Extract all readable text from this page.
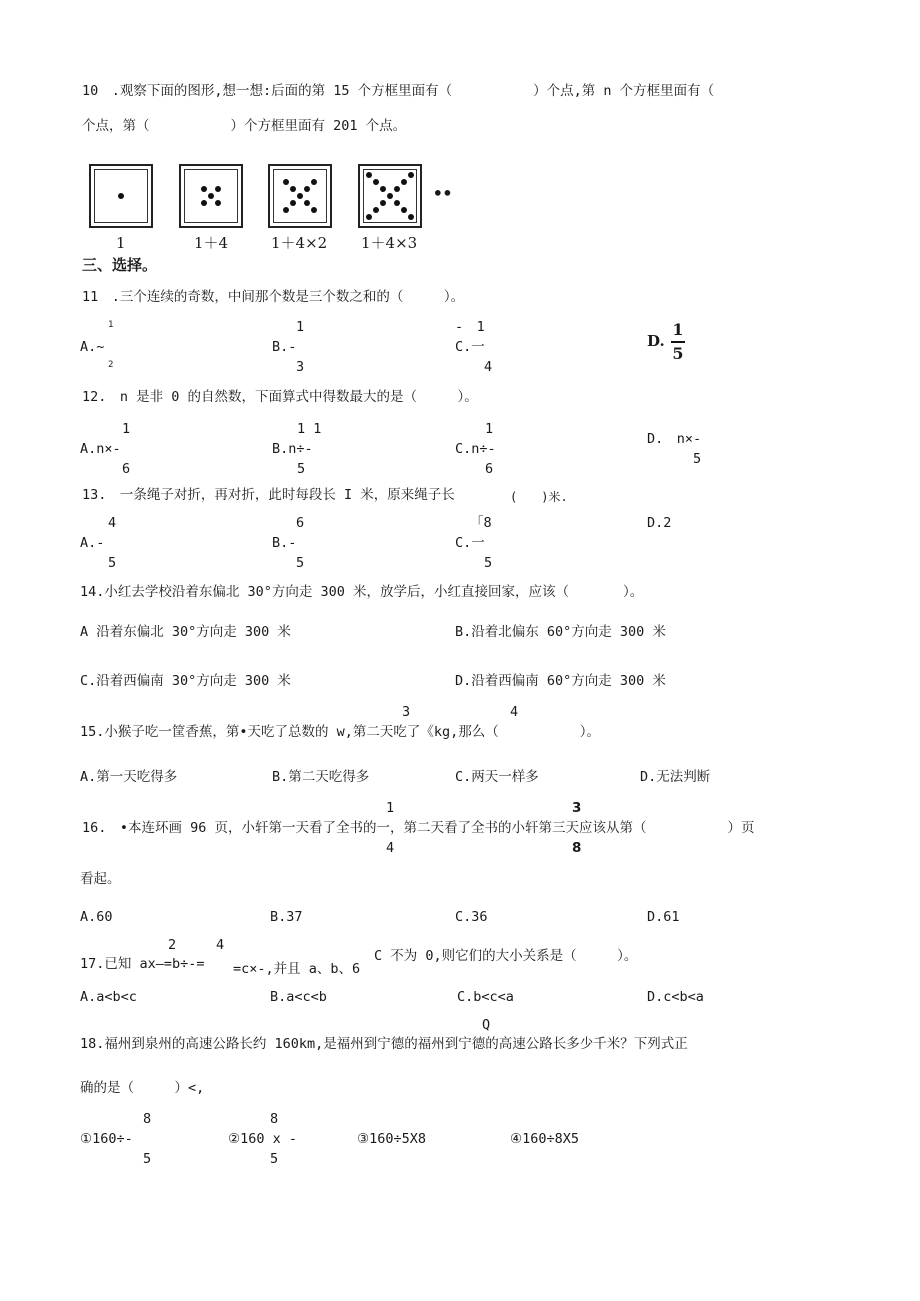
10　.观察下面的图形,想一想:后面的第 15 个方框里面有（　　　　　　）个点,第 n 个方框里面有（
个点，第（　　　　　　）个方框里面有 201 个点。
••
1	1＋4	1＋4×2 1＋4×3
三、选择。
11　.三个连续的奇数，中间那个数是三个数之和的（　　　）。
1
A.~
2
1
B.-
3
-　1
C.一
4
D.
1
5
12.　n 是非 0 的自然数，下面算式中得数最大的是（　　　）。
1
A.n×-
6
1 1
B.n÷-
5
1
C.n÷-
6
D.　n×-
5
13.　一条绳子对折，再对折，此时每段长 I 米，原来绳子长	(　　)米.
4
A.-
5
6
B.-
5
「8
C.一
5
D.2
14.小红去学校沿着东偏北 30°方向走 300 米，放学后，小红直接回家，应该（　　　　）。
A 沿着东偏北 30°方向走 300 米	B.沿着北偏东 60°方向走 300 米
C.沿着西偏南 30°方向走 300 米	D.沿着西偏南 60°方向走 300 米
3	4
15.小猴子吃一筐香蕉，第•天吃了总数的 w,第二天吃了《kg,那么（　　　　　　）。
A.第一天吃得多	B.第二天吃得多	C.两天一样多	D.无法判断
1	3
16.　•本连环画 96 页，小轩第一天看了全书的一，第二天看了全书的小轩第三天应该从第（　　　　　　）页
4	8
看起。
A.60	B.37	C.36	D.61
2	4
17.已知 ax—=b÷-= =c×-,并且 a、b、6
C 不为 0,则它们的大小关系是（　　　）。
A.a<b<c	B.a<c<b	C.b<c<a	D.c<b<a
Q
18.福州到泉州的高速公路长约 160km,是福州到宁德的福州到宁德的高速公路长多少千米？下列式正
确的是（　　　）<,
8
①160÷-
5
8
②160 x -
5
③160÷5X8	④160÷8X5
